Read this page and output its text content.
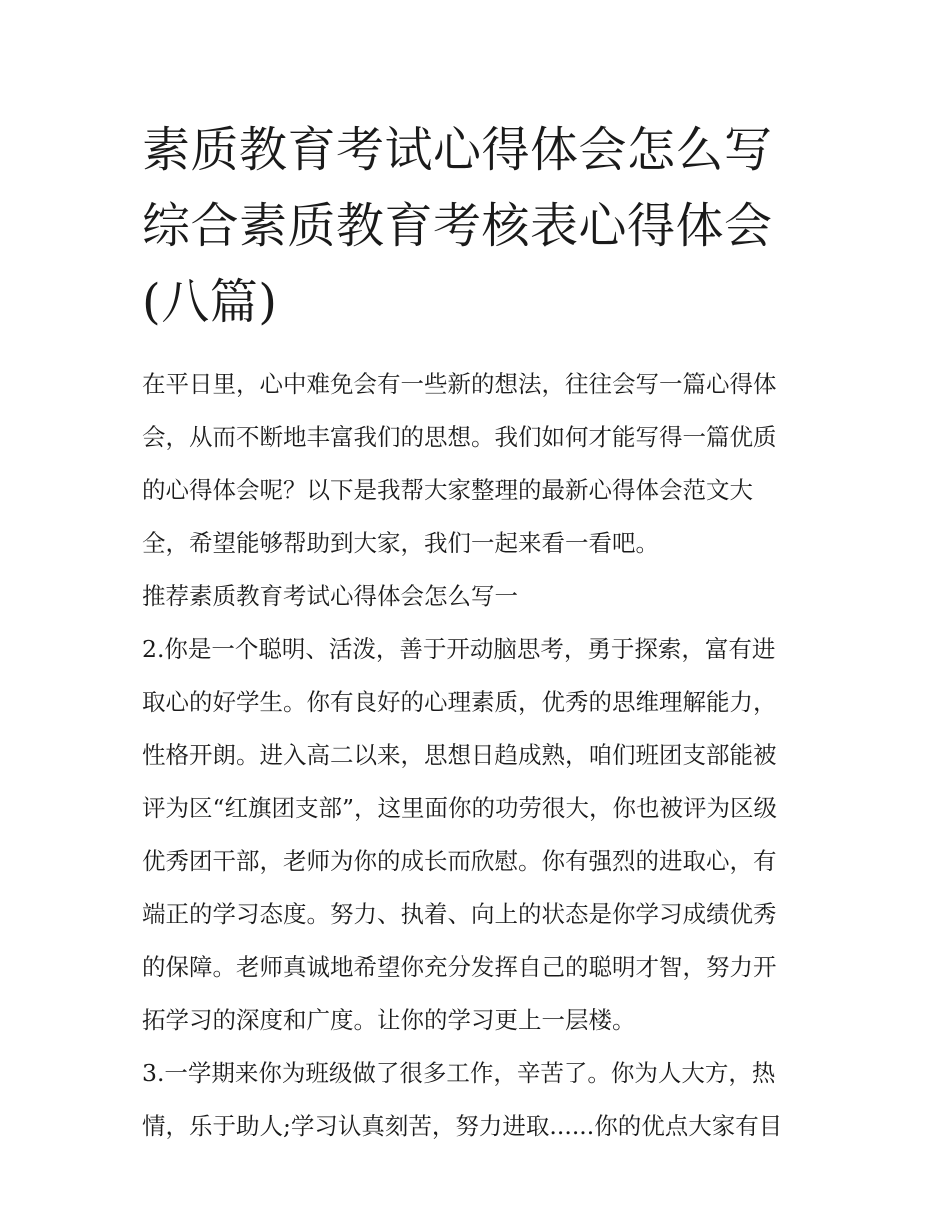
素质教育考试心得体会怎么写
综合素质教育考核表心得体会
(八篇)

在平日里，心中难免会有一些新的想法，往往会写一篇心得体
会，从而不断地丰富我们的思想。我们如何才能写得一篇优质
的心得体会呢？以下是我帮大家整理的最新心得体会范文大
全，希望能够帮助到大家，我们一起来看一看吧。

推荐素质教育考试心得体会怎么写一

2.你是一个聪明、活泼，善于开动脑思考，勇于探索，富有进
取心的好学生。你有良好的心理素质，优秀的思维理解能力，
性格开朗。进入高二以来，思想日趋成熟，咱们班团支部能被
评为区“红旗团支部”，这里面你的功劳很大，你也被评为区级
优秀团干部，老师为你的成长而欣慰。你有强烈的进取心，有
端正的学习态度。努力、执着、向上的状态是你学习成绩优秀
的保障。老师真诚地希望你充分发挥自己的聪明才智，努力开
拓学习的深度和广度。让你的学习更上一层楼。

3.一学期来你为班级做了很多工作，辛苦了。你为人大方，热
情，乐于助人;学习认真刻苦，努力进取......你的优点大家有目
